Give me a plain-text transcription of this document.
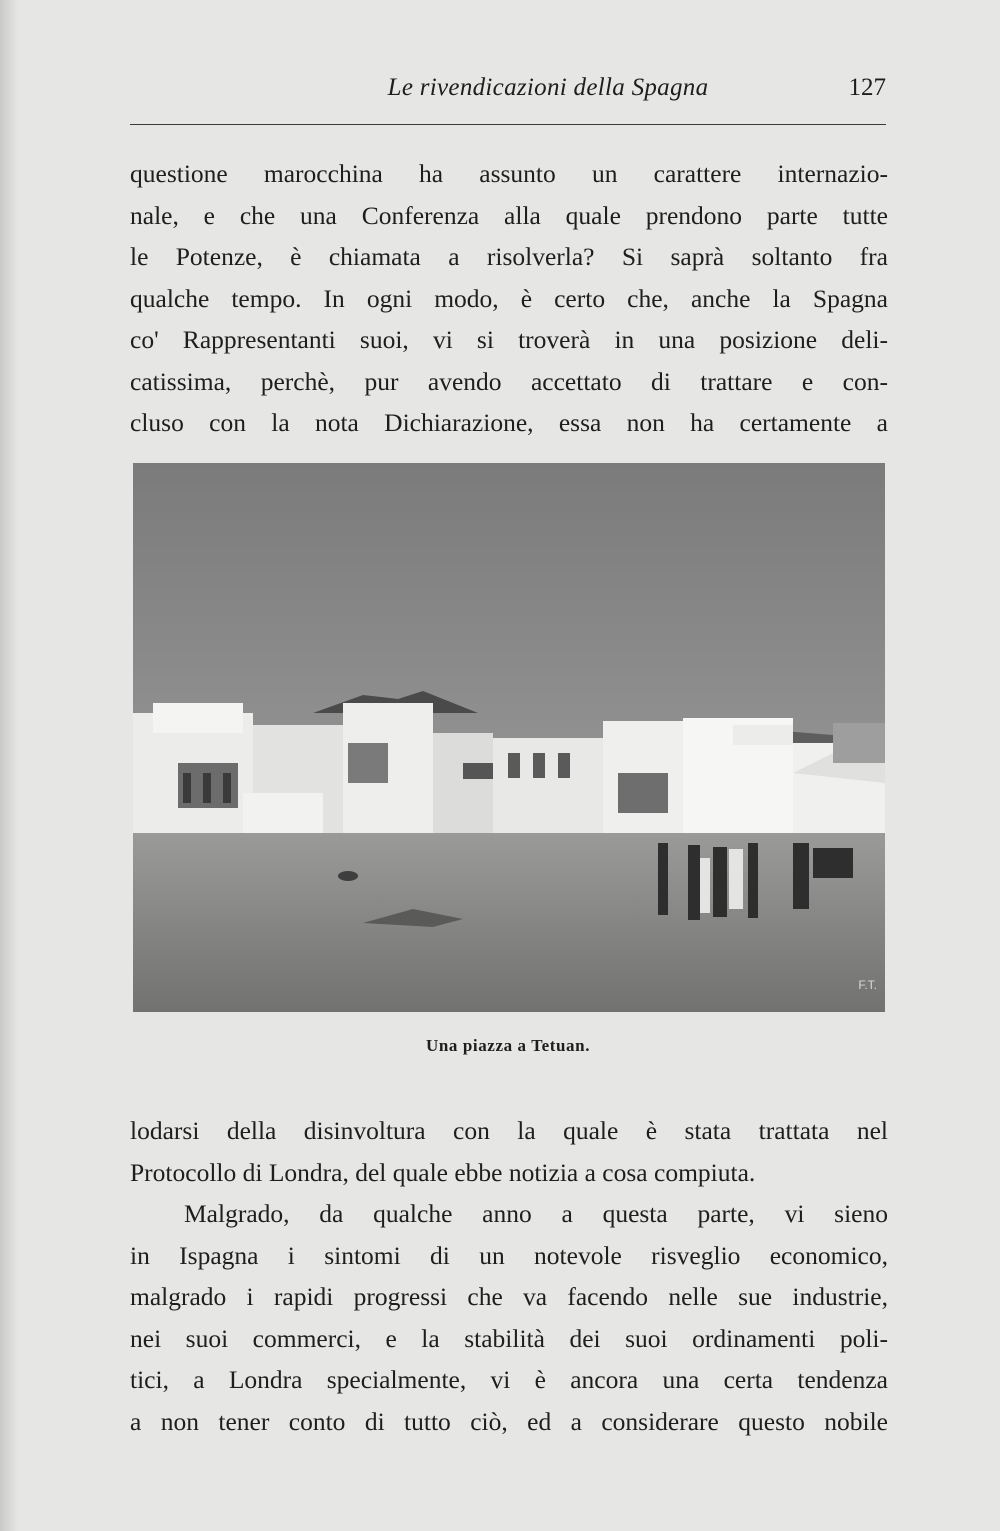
Le rivendicazioni della Spagna	127
questione marocchina ha assunto un carattere internazio-
nale, e che una Conferenza alla quale prendono parte tutte
le Potenze, è chiamata a risolverla? Si saprà soltanto fra
qualche tempo. In ogni modo, è certo che, anche la Spagna
co' Rappresentanti suoi, vi si troverà in una posizione deli-
catissima, perchè, pur avendo accettato di trattare e con-
cluso con la nota Dichiarazione, essa non ha certamente a
F.T.
Una piazza a Tetuan.
lodarsi della disinvoltura con la quale è stata trattata nel
Protocollo di Londra, del quale ebbe notizia a cosa compiuta.
Malgrado, da qualche anno a questa parte, vi sieno
in Ispagna i sintomi di un notevole risveglio economico,
malgrado i rapidi progressi che va facendo nelle sue industrie,
nei suoi commerci, e la stabilità dei suoi ordinamenti poli-
tici, a Londra specialmente, vi è ancora una certa tendenza
a non tener conto di tutto ciò, ed a considerare questo nobile
